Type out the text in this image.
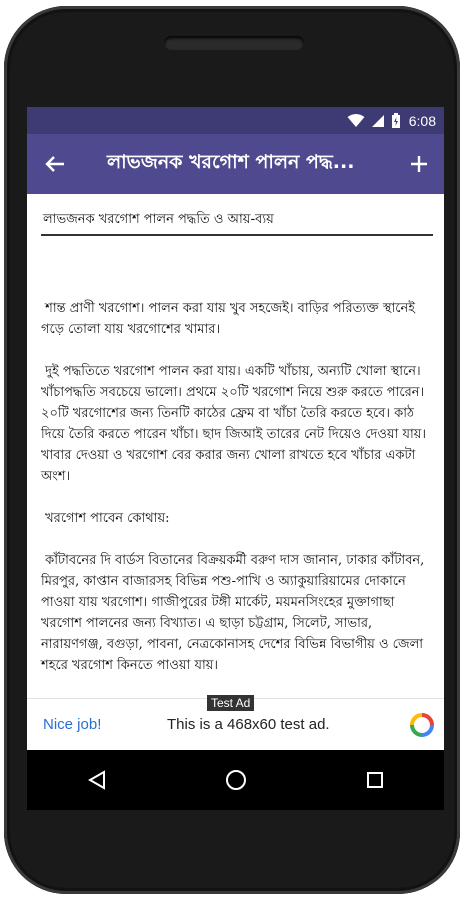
6:08
লাভজনক খরগোশ পালন পদ্ধ...
লাভজনক খরগোশ পালন পদ্ধতি ও আয়-ব্যয়

শান্ত প্রাণী খরগোশ। পালন করা যায় খুব সহজেই। বাড়ির পরিত্যক্ত স্থানেই গড়ে তোলা যায় খরগোশের খামার।

দুই পদ্ধতিতে খরগোশ পালন করা যায়। একটি খাঁচায়, অন্যটি খোলা স্থানে। খাঁচাপদ্ধতি সবচেয়ে ভালো। প্রথমে ২০টি খরগোশ নিয়ে শুরু করতে পারেন। ২০টি খরগোশের জন্য তিনটি কাঠের ফ্রেম বা খাঁচা তৈরি করতে হবে। কাঠ দিয়ে তৈরি করতে পারেন খাঁচা। ছাদ জিআই তারের নেট দিয়েও দেওয়া যায়। খাবার দেওয়া ও খরগোশ বের করার জন্য খোলা রাখতে হবে খাঁচার একটা অংশ।

খরগোশ পাবেন কোথায়:

কাঁটাবনের দি বার্ডস বিতানের বিক্রয়কর্মী বরুণ দাস জানান, ঢাকার কাঁটাবন, মিরপুর, কাপ্তান বাজারসহ বিভিন্ন পশু-পাখি ও অ্যাকুয়ারিয়ামের দোকানে পাওয়া যায় খরগোশ। গাজীপুরের টঙ্গী মার্কেট, ময়মনসিংহের মুক্তাগাছা খরগোশ পালনের জন্য বিখ্যাত। এ ছাড়া চট্টগ্রাম, সিলেট, সাভার, নারায়ণগঞ্জ, বগুড়া, পাবনা, নেত্রকোনাসহ দেশের বিভিন্ন বিভাগীয় ও জেলা শহরে খরগোশ কিনতে পাওয়া যায়।

Nice job!	This is a 468x60 test ad.
Test Ad
